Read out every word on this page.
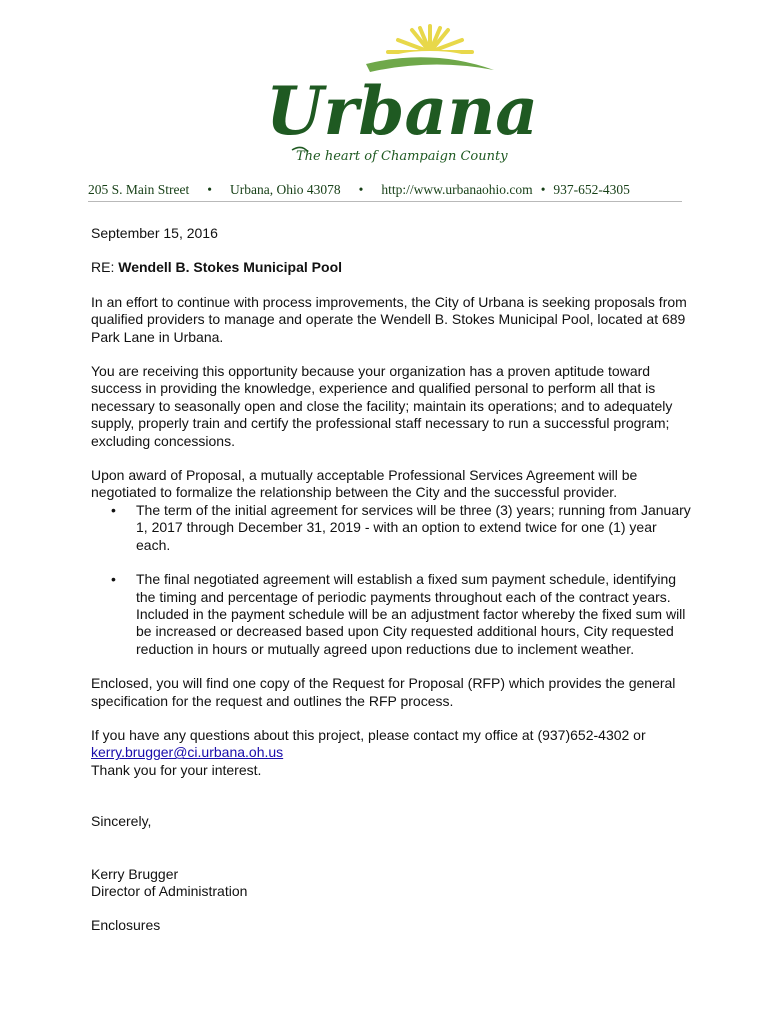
Urbana
The heart of Champaign County
205 S. Main Street • Urbana, Ohio 43078 • http://www.urbanaohio.com • 937-652-4305

September 15, 2016

RE: Wendell B. Stokes Municipal Pool

In an effort to continue with process improvements, the City of Urbana is seeking proposals from qualified providers to manage and operate the Wendell B. Stokes Municipal Pool, located at 689 Park Lane in Urbana.

You are receiving this opportunity because your organization has a proven aptitude toward success in providing the knowledge, experience and qualified personal to perform all that is necessary to seasonally open and close the facility; maintain its operations; and to adequately supply, properly train and certify the professional staff necessary to run a successful program; excluding concessions.

Upon award of Proposal, a mutually acceptable Professional Services Agreement will be negotiated to formalize the relationship between the City and the successful provider.

• The term of the initial agreement for services will be three (3) years; running from January 1, 2017 through December 31, 2019 - with an option to extend twice for one (1) year each.
• The final negotiated agreement will establish a fixed sum payment schedule, identifying the timing and percentage of periodic payments throughout each of the contract years. Included in the payment schedule will be an adjustment factor whereby the fixed sum will be increased or decreased based upon City requested additional hours, City requested reduction in hours or mutually agreed upon reductions due to inclement weather.

Enclosed, you will find one copy of the Request for Proposal (RFP) which provides the general specification for the request and outlines the RFP process.

If you have any questions about this project, please contact my office at (937)652-4302 or

kerry.brugger@ci.urbana.oh.us

Thank you for your interest.

Sincerely,

Kerry Brugger

Director of Administration

Enclosures
